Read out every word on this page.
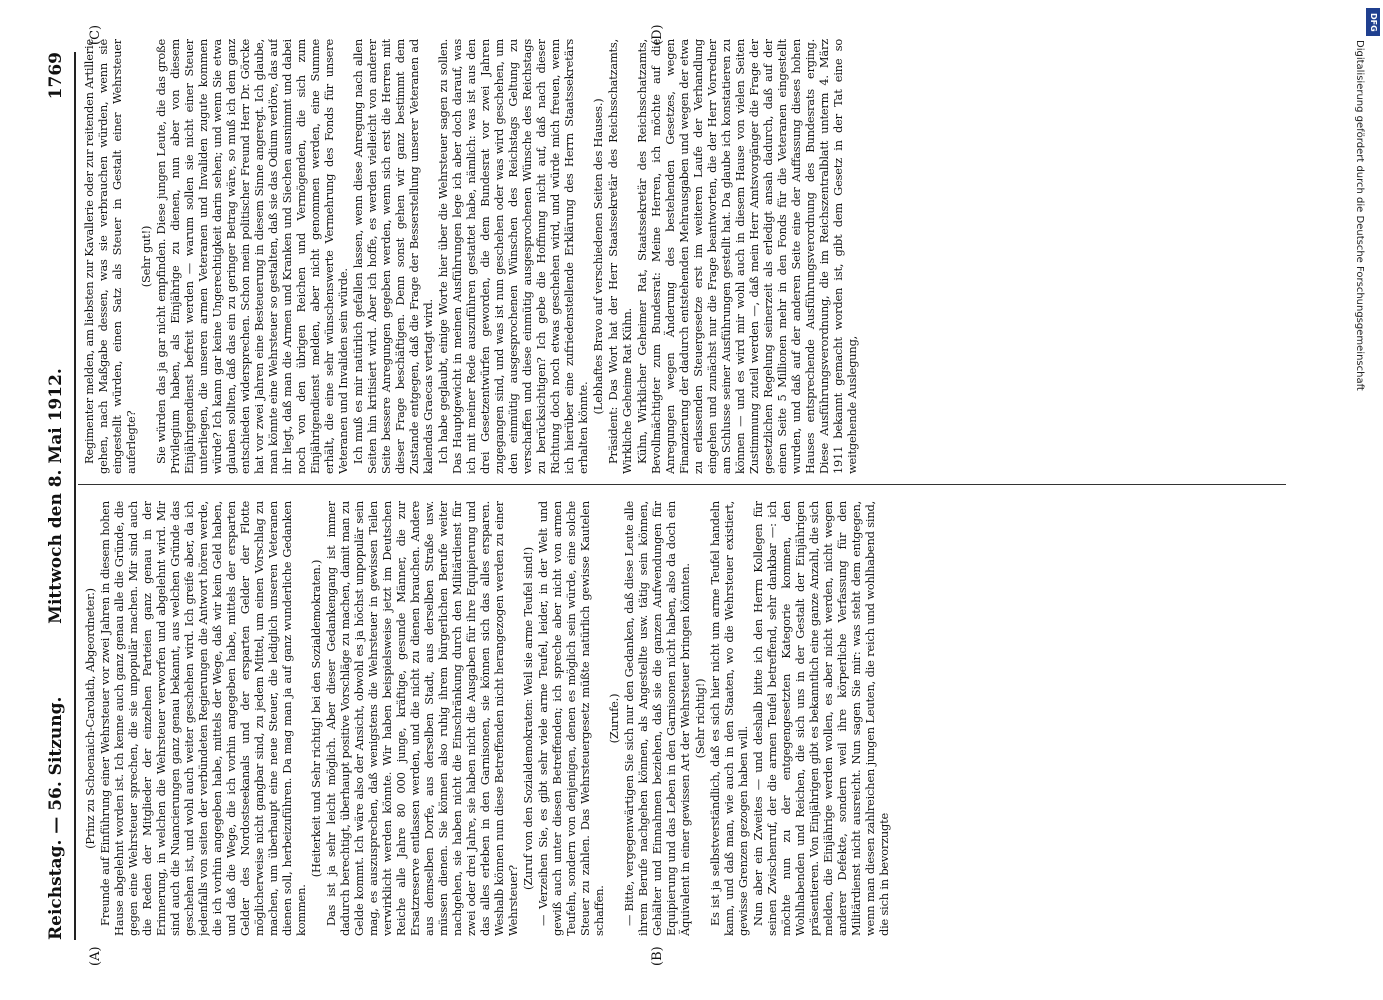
Reichstag. — 56. Sitzung.
Mittwoch den 8. Mai 1912.
1769
(A)	(B)
(C)	(D)

(Prinz zu Schoenaich-Carolath, Abgeordneter.) Freunde auf Einführung einer Wehrsteuer vor zwei Jahren in diesem hohen Hause abgelehnt worden ist. Ich kenne auch ganz genau alle die Gründe, die gegen eine Wehrsteuer sprechen, die sie unpopulär machen. Mir sind auch die Reden der Mitglieder der einzelnen Parteien ganz genau in der Erinnerung, in welchen die Wehrsteuer verworfen und abgelehnt wird. Mir sind auch die Nuancierungen ganz genau bekannt, aus welchen Gründe das geschehen ist, und wohl auch weiter geschehen wird. Ich greife aber, da ich jedenfalls von seiten der verbündeten Regierungen die Antwort hören werde, die ich vorhin angegeben habe, mittels der Wege, daß wir kein Geld haben, und daß die Wege, die ich vorhin angegeben habe, mittels der ersparten Gelder des Nordostseekanals und der ersparten Gelder der Flotte möglicherweise nicht gangbar sind, zu jedem Mittel, um einen Vorschlag zu machen, um überhaupt eine neue Steuer, die lediglich unseren Veteranen dienen soll, herbeizuführen. Da mag man ja auf ganz wunderliche Gedanken kommen.

(Heiterkeit und Sehr richtig! bei den Sozialdemokraten.) Das ist ja sehr leicht möglich. Aber dieser Gedankengang ist immer dadurch berechtigt, überhaupt positive Vorschläge zu machen, damit man zu Gelde kommt. Ich wäre also der Ansicht, obwohl es ja höchst unpopulär sein mag, es auszusprechen, daß wenigstens die Wehrsteuer in gewissen Teilen verwirklicht werden könnte. Wir haben beispielsweise jetzt im Deutschen Reiche alle Jahre 80 000 junge, kräftige, gesunde Männer, die zur Ersatzreserve entlassen werden, und die nicht zu dienen brauchen. Andere aus demselben Dorfe, aus derselben Stadt, aus derselben Straße usw. müssen dienen. Sie können also ruhig ihrem bürgerlichen Berufe weiter nachgehen, sie haben nicht die Einschränkung durch den Militärdienst für zwei oder drei Jahre, sie haben nicht die Ausgaben für ihre Equipierung und das alles erleben in den Garnisonen, sie können sich das alles ersparen. Weshalb können nun diese Betreffenden nicht herangezogen werden zu einer Wehrsteuer?

(Zuruf von den Sozialdemokraten: Weil sie arme Teufel sind!) — Verzeihen Sie, es gibt sehr viele arme Teufel, leider, in der Welt und gewiß auch unter diesen Betreffenden; ich spreche aber nicht von armen Teufeln, sondern von denjenigen, denen es möglich sein würde, eine solche Steuer zu zahlen. Das Wehrsteuergesetz müßte natürlich gewisse Kautelen schaffen.

(Zurufe.) — Bitte, vergegenwärtigen Sie sich nur den Gedanken, daß diese Leute alle ihrem Berufe nachgehen können, als Angestellte usw. tätig sein können, Gehälter und Einnahmen beziehen, daß sie die ganzen Aufwendungen für Equipierung und das Leben in den Garnisonen nicht haben, also da doch ein Äquivalent in einer gewissen Art der Wehrsteuer bringen könnten. (Sehr richtig!) Es ist ja selbstverständlich, daß es sich hier nicht um arme Teufel handeln kann, und daß man, wie auch in den Staaten, wo die Wehrsteuer existiert, gewisse Grenzen gezogen haben will. Nun aber ein Zweites — und deshalb bitte ich den Herrn Kollegen für seinen Zwischenruf, der die armen Teufel betreffend, sehr dankbar —: ich möchte nun zu der entgegengesetzten Kategorie kommen, den Wohlhabenden und Reichen, die sich uns in der Gestalt der Einjährigen präsentieren. Von Einjährigen gibt es bekanntlich eine ganze Anzahl, die sich melden, die Einjährige werden wollen, es aber nicht werden, nicht wegen anderer Defekte, sondern weil ihre körperliche Verfassung für den Militärdienst nicht ausreicht. Nun sagen Sie mir: was steht dem entgegen, wenn man diesen zahlreichen jungen Leuten, die reich und wohlhabend sind, die sich in bevorzugte

Regimenter melden, am liebsten zur Kavallerie oder zur reitenden Artillerie gehen, nach Maßgabe dessen, was sie verbrauchen würden, wenn sie eingestellt würden, einen Satz als Steuer in Gestalt einer Wehrsteuer auferlegte?

(Sehr gut!) Sie würden das ja gar nicht empfinden. Diese jungen Leute, die das große Privilegium haben, als Einjährige zu dienen, nun aber von diesem Einjährigendienst befreit werden — warum sollen sie nicht einer Steuer unterliegen, die unseren armen Veteranen und Invaliden zugute kommen würde? Ich kann gar keine Ungerechtigkeit darin sehen; und wenn Sie etwa glauben sollten, daß das ein zu geringer Betrag wäre, so muß ich dem ganz entschieden widersprechen. Schon mein politischer Freund Herr Dr. Görcke hat vor zwei Jahren eine Besteuerung in diesem Sinne angeregt. Ich glaube, man könnte eine Wehrsteuer so gestalten, daß sie das Odium verlöre, das auf ihr liegt, daß man die Armen und Kranken und Siechen ausnimmt und dabei noch von den übrigen Reichen und Vermögenden, die sich zum Einjährigendienst melden, aber nicht genommen werden, eine Summe erhält, die eine sehr wünschenswerte Vermehrung des Fonds für unsere Veteranen und Invaliden sein würde. Ich muß es mir natürlich gefallen lassen, wenn diese Anregung nach allen Seiten hin kritisiert wird. Aber ich hoffe, es werden vielleicht von anderer Seite bessere Anregungen gegeben werden, wenn sich erst die Herren mit dieser Frage beschäftigen. Denn sonst gehen wir ganz bestimmt dem Zustande entgegen, daß die Frage der Besserstellung unserer Veteranen ad kalendas Graecas vertagt wird. Ich habe geglaubt, einige Worte hier über die Wehrsteuer sagen zu sollen. Das Hauptgewicht in meinen Ausführungen lege ich aber doch darauf, was ich mit meiner Rede auszuführen gestattet habe, nämlich: was ist aus den drei Gesetzentwürfen geworden, die dem Bundesrat vor zwei Jahren zugegangen sind, und was ist nun geschehen oder was wird geschehen, um den einmütig ausgesprochenen Wünschen des Reichstags Geltung zu verschaffen und diese einmütig ausgesprochenen Wünsche des Reichstags zu berücksichtigen? Ich gebe die Hoffnung nicht auf, daß nach dieser Richtung doch noch etwas geschehen wird, und würde mich freuen, wenn ich hierüber eine zufriedenstellende Erklärung des Herrn Staatssekretärs erhalten könnte.

(Lebhaftes Bravo auf verschiedenen Seiten des Hauses.) Präsident: Das Wort hat der Herr Staatssekretär des Reichsschatzamts, Wirkliche Geheime Rat Kühn. Kühn, Wirklicher Geheimer Rat, Staatssekretär des Reichsschatzamts, Bevollmächtigter zum Bundesrat: Meine Herren, ich möchte auf die Anregungen wegen Änderung des bestehenden Gesetzes, wegen Finanzierung der dadurch entstehenden Mehrausgaben und wegen der etwa zu erlassenden Steuergesetze erst im weiteren Laufe der Verhandlung eingehen und zunächst nur die Frage beantworten, die der Herr Vorredner am Schlusse seiner Ausführungen gestellt hat. Da glaube ich konstatieren zu können — und es wird mir wohl auch in diesem Hause von vielen Seiten Zustimmung zuteil werden —, daß mein Herr Amtsvorgänger die Frage der gesetzlichen Regelung seinerzeit als erledigt ansah dadurch, daß auf der einen Seite 5 Millionen mehr in den Fonds für die Veteranen eingestellt wurden, und daß auf der anderen Seite eine der Auffassung dieses hohen Hauses entsprechende Ausführungsverordnung des Bundesrats erging. Diese Ausführungsverordnung, die im Reichszentralblatt unterm 4. März 1911 bekannt gemacht worden ist, gibt dem Gesetz in der Tat eine so weitgehende Auslegung,

DFG
Digitalisierung gefördert durch die Deutsche Forschungsgemeinschaft
